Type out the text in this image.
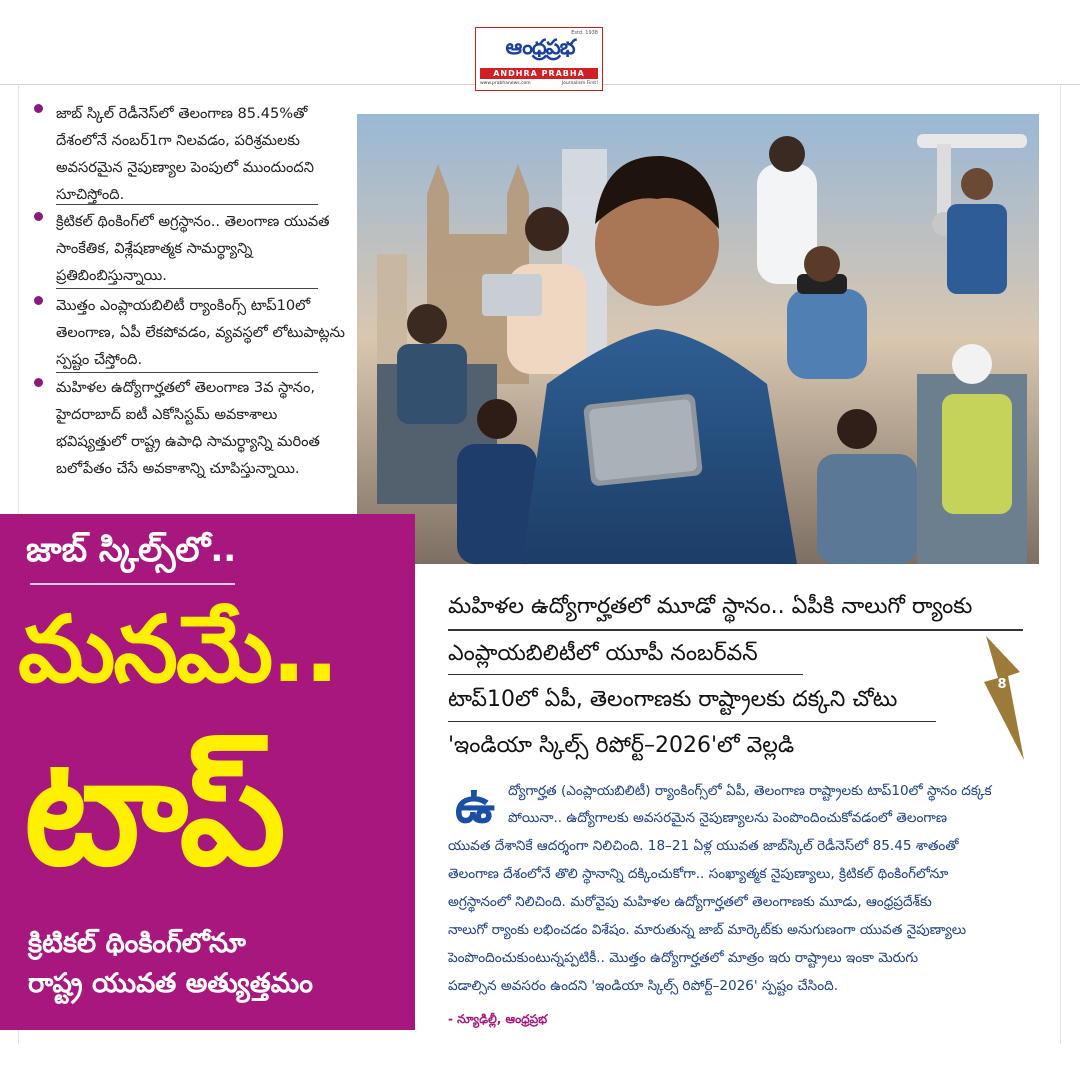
Estd. 1938
ఆంధ్రప్రభ
ANDHRA PRABHA
www.prabhanews.com	Journalism First!
జాబ్ స్కిల్ రెడీనెస్‌లో తెలంగాణ 85.45%తో దేశంలోనే నంబర్1గా నిలవడం, పరిశ్రమలకు అవసరమైన నైపుణ్యాల పెంపులో ముందుందని సూచిస్తోంది.
క్రిటికల్ థింకింగ్‌లో అగ్రస్థానం.. తెలంగాణ యువత సాంకేతిక, విశ్లేషణాత్మక సామర్థ్యాన్ని ప్రతిబింబిస్తున్నాయి.
మొత్తం ఎంప్లాయబిలిటీ ర్యాంకింగ్స్ టాప్10లో తెలంగాణ, ఏపీ లేకపోవడం, వ్యవస్థలో లోటుపాట్లను స్పష్టం చేస్తోంది.
మహిళల ఉద్యోగార్హతలో తెలంగాణ 3వ స్థానం, హైదరాబాద్ ఐటీ ఎకోసిస్టమ్ అవకాశాలు భవిష్యత్తులో రాష్ట్ర ఉపాధి సామర్థ్యాన్ని మరింత బలోపేతం చేసే అవకాశాన్ని చూపిస్తున్నాయి.
జాబ్ స్కిల్స్‌లో..
మనమే..
టాప్
క్రిటికల్ థింకింగ్‌లోనూ
రాష్ట్ర యువత అత్యుత్తమం
మహిళల ఉద్యోగార్హతలో మూడో స్థానం.. ఏపీకి నాలుగో ర్యాంకు
ఎంప్లాయబిలిటీలో యూపీ నంబర్‌వన్
టాప్10లో ఏపీ, తెలంగాణకు రాష్ట్రాలకు దక్కని చోటు
'ఇండియా స్కిల్స్ రిపోర్ట్–2026'లో వెల్లడి
8
ఉ ద్యోగార్హత (ఎంప్లాయబిలిటీ) ర్యాంకింగ్స్‌లో ఏపీ, తెలంగాణ రాష్ట్రాలకు టాప్10లో స్థానం దక్కక
పోయినా.. ఉద్యోగాలకు అవసరమైన నైపుణ్యాలను పెంపొందించుకోవడంలో తెలంగాణ
యువత దేశానికే ఆదర్శంగా నిలిచింది. 18–21 ఏళ్ల యువత జాబ్‌స్కిల్ రెడీనెస్‌లో 85.45 శాతంతో
తెలంగాణ దేశంలోనే తొలి స్థానాన్ని దక్కించుకోగా.. సంఖ్యాత్మక నైపుణ్యాలు, క్రిటికల్ థింకింగ్‌లోనూ
అగ్రస్థానంలో నిలిచింది. మరోవైపు మహిళల ఉద్యోగార్హతలో తెలంగాణకు మూడు, ఆంధ్రప్రదేశ్‌కు
నాలుగో ర్యాంకు లభించడం విశేషం. మారుతున్న జాబ్ మార్కెట్‌కు అనుగుణంగా యువత నైపుణ్యాలు
పెంపొందించుకుంటున్నప్పటికీ.. మొత్తం ఉద్యోగార్హతలో మాత్రం ఇరు రాష్ట్రాలు ఇంకా మెరుగు
పడాల్సిన అవసరం ఉందని 'ఇండియా స్కిల్స్ రిపోర్ట్–2026' స్పష్టం చేసింది.
- న్యూఢిల్లీ, ఆంధ్రప్రభ
